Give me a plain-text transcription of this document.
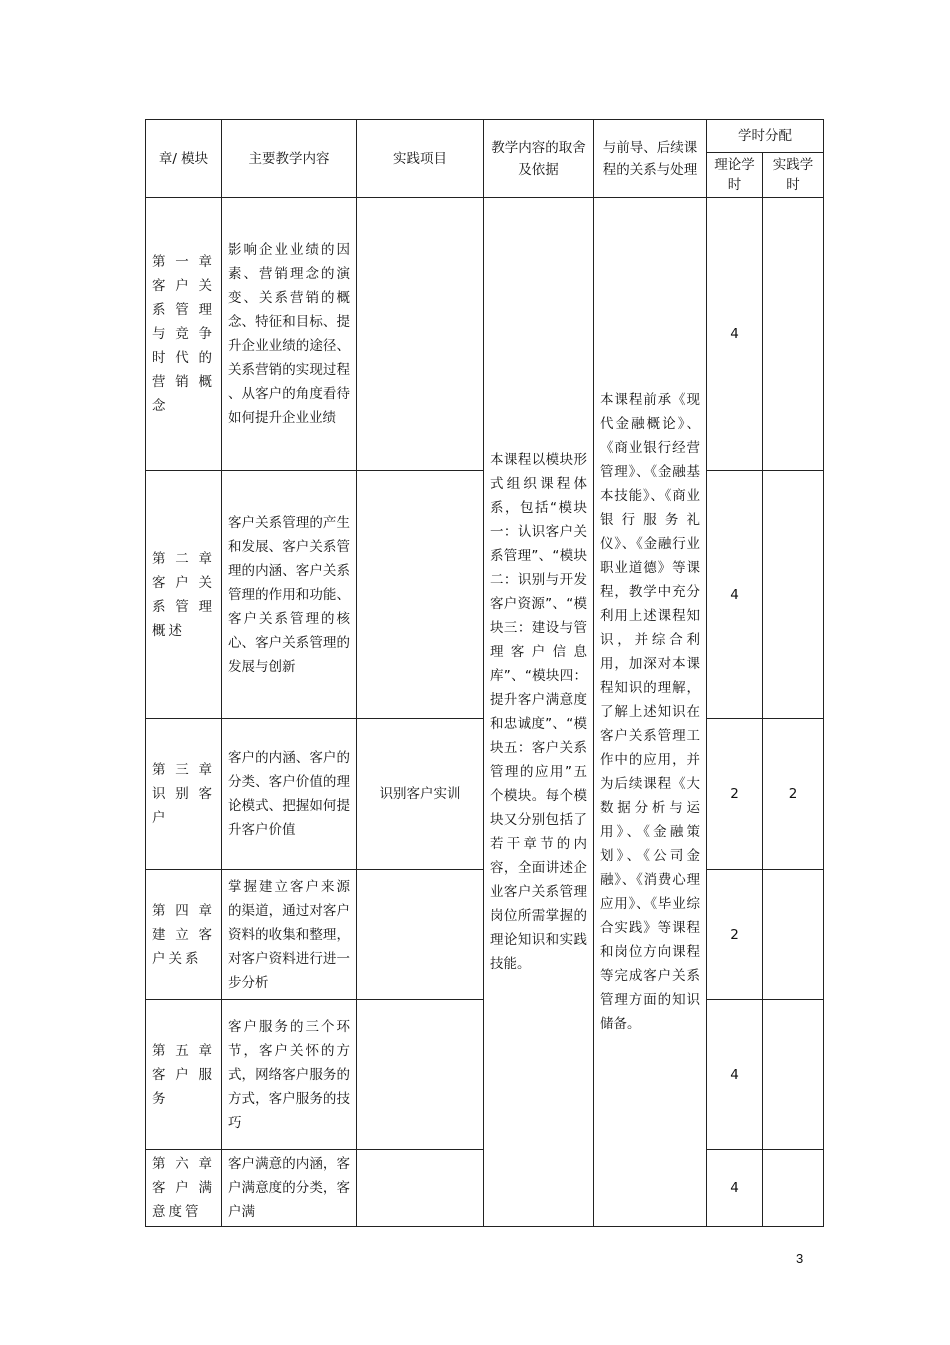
章/ 模块	主要教学内容	实践项目	教学内容的取舍及依据	与前导、后续课程的关系与处理	学时分配	
					理论学时	实践学时
第一章客户关系管理与竞争时代的营销概念	影响企业业绩的因素、营销理念的演变、关系营销的概念、特征和目标、提升企业业绩的途径、关系营销的实现过程 、从客户的角度看待如何提升企业业绩		本课程以模块形式组织课程体系，包括“模块一：认识客户关系管理”、“模块二：识别与开发客户资源”、“模块三：建设与管理客户信息库”、“模块四：提升客户满意度和忠诚度”、“模块五：客户关系管理的应用”五个模块。每个模块又分别包括了若干章节的内容，全面讲述企业客户关系管理岗位所需掌握的理论知识和实践技能。	本课程前承《现代金融概论》、《商业银行经营管理》、《金融基本技能》、《商业银行服务礼仪》、《金融行业职业道德》等课程，教学中充分利用上述课程知识，并综合利用，加深对本课程知识的理解，了解上述知识在客户关系管理工作中的应用，并为后续课程《大数据分析与运用》、《金融策划》、《公司金融》、《消费心理应用》、《毕业综合实践》等课程和岗位方向课程等完成客户关系管理方面的知识储备。	4	
第二章客户关系管理概述	客户关系管理的产生和发展、客户关系管理的内涵、客户关系管理的作用和功能、客户关系管理的核心、客户关系管理的发展与创新				4	
第三章识别客户	客户的内涵、客户的分类、客户价值的理论模式、把握如何提升客户价值	识别客户实训			2	2
第四章建立客户关系	掌握建立客户来源 的渠道，通过对客户资料的收集和整理，对客户资料进行进一步分析				2	
第五章客户服务	客户服务的三个环节，客户关怀的方式，网络客户服务的方式，客户服务的技巧				4	
第六章客户满意度管	客户满意的内涵，客户满意度的分类，客户满				4	
3
